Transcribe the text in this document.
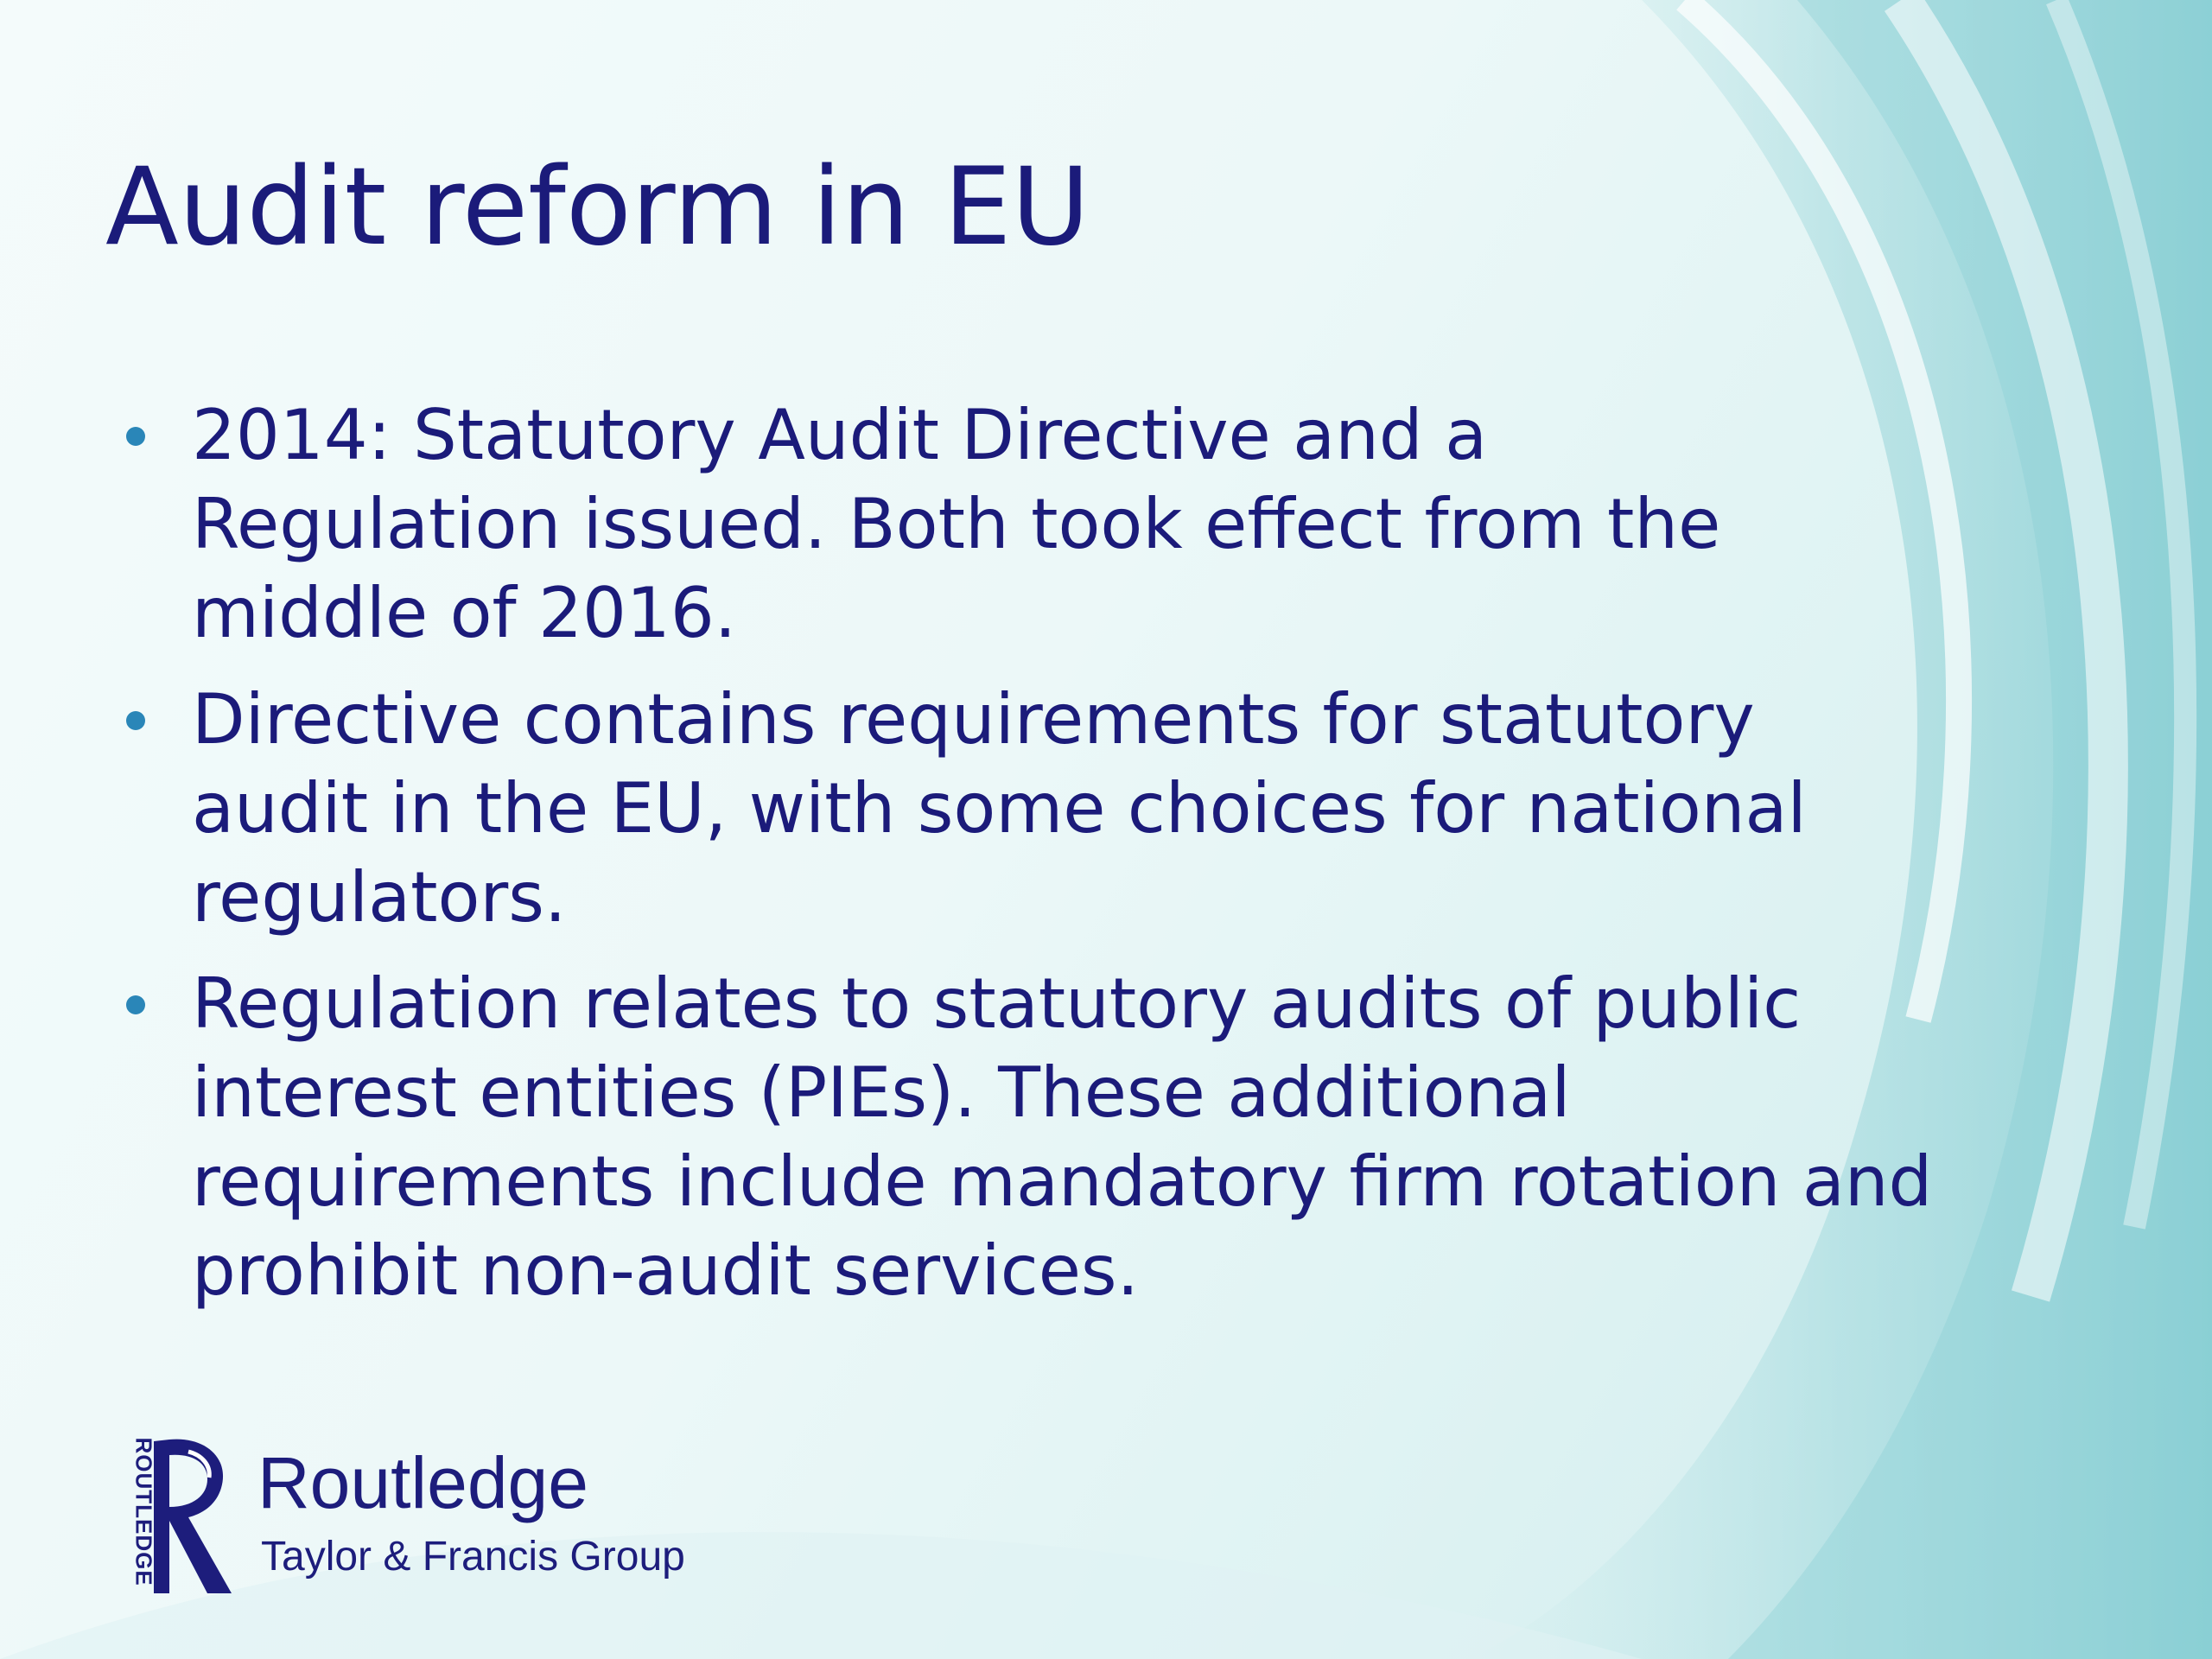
Audit reform in EU
2014: Statutory Audit Directive and a
Regulation issued. Both took effect from the
middle of 2016.
Directive contains requirements for statutory
audit in the EU, with some choices for national
regulators.
Regulation relates to statutory audits of public
interest entities (PIEs). These additional
requirements include mandatory firm rotation and
prohibit non-audit services.
ROUTLEDGE Routledge
Taylor & Francis Group
